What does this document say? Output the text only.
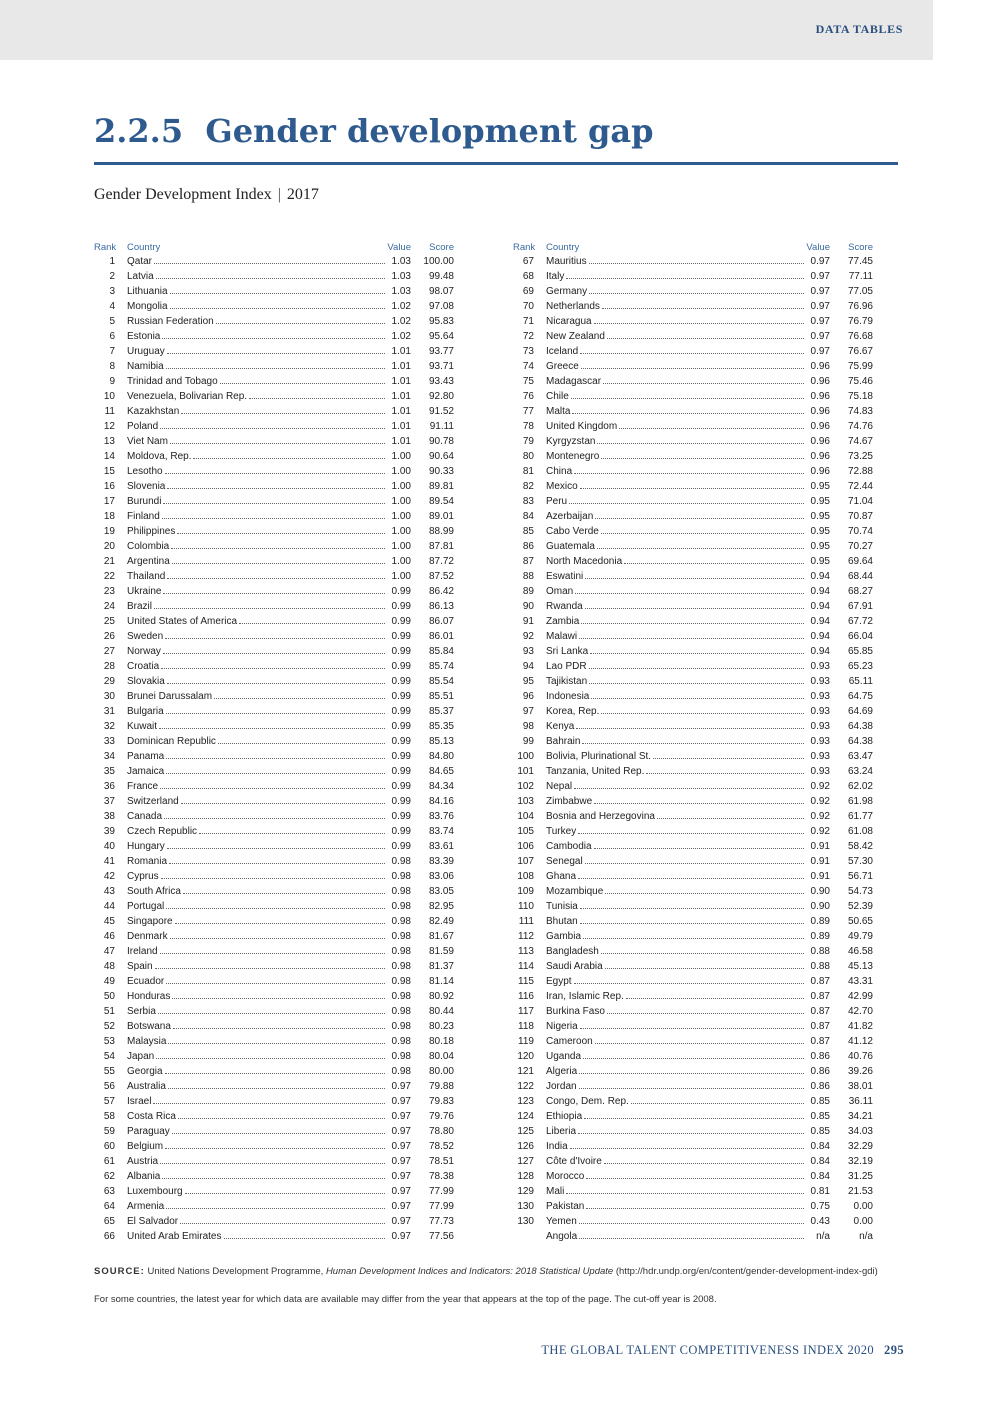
DATA TABLES
2.2.5 Gender development gap
Gender Development Index | 2017
Rank	Country	Value	Score
1 Qatar	1.03	100.00
2 Latvia	1.03	99.48
3 Lithuania	1.03	98.07
4 Mongolia	1.02	97.08
5 Russian Federation	1.02	95.83
6 Estonia	1.02	95.64
7 Uruguay	1.01	93.77
8 Namibia	1.01	93.71
9 Trinidad and Tobago	1.01	93.43
10 Venezuela, Bolivarian Rep.	1.01	92.80
11 Kazakhstan	1.01	91.52
12 Poland	1.01	91.11
13 Viet Nam	1.01	90.78
14 Moldova, Rep.	1.00	90.64
15 Lesotho	1.00	90.33
16 Slovenia	1.00	89.81
17 Burundi	1.00	89.54
18 Finland	1.00	89.01
19 Philippines	1.00	88.99
20 Colombia	1.00	87.81
21 Argentina	1.00	87.72
22 Thailand	1.00	87.52
23 Ukraine	0.99	86.42
24 Brazil	0.99	86.13
25 United States of America	0.99	86.07
26 Sweden	0.99	86.01
27 Norway	0.99	85.84
28 Croatia	0.99	85.74
29 Slovakia	0.99	85.54
30 Brunei Darussalam	0.99	85.51
31 Bulgaria	0.99	85.37
32 Kuwait	0.99	85.35
33 Dominican Republic	0.99	85.13
34 Panama	0.99	84.80
35 Jamaica	0.99	84.65
36 France	0.99	84.34
37 Switzerland	0.99	84.16
38 Canada	0.99	83.76
39 Czech Republic	0.99	83.74
40 Hungary	0.99	83.61
41 Romania	0.98	83.39
42 Cyprus	0.98	83.06
43 South Africa	0.98	83.05
44 Portugal	0.98	82.95
45 Singapore	0.98	82.49
46 Denmark	0.98	81.67
47 Ireland	0.98	81.59
48 Spain	0.98	81.37
49 Ecuador	0.98	81.14
50 Honduras	0.98	80.92
51 Serbia	0.98	80.44
52 Botswana	0.98	80.23
53 Malaysia	0.98	80.18
54 Japan	0.98	80.04
55 Georgia	0.98	80.00
56 Australia	0.97	79.88
57 Israel	0.97	79.83
58 Costa Rica	0.97	79.76
59 Paraguay	0.97	78.80
60 Belgium	0.97	78.52
61 Austria	0.97	78.51
62 Albania	0.97	78.38
63 Luxembourg	0.97	77.99
64 Armenia	0.97	77.99
65 El Salvador	0.97	77.73
66 United Arab Emirates	0.97	77.56
Rank	Country	Value	Score
67 Mauritius	0.97	77.45
68 Italy	0.97	77.11
69 Germany	0.97	77.05
70 Netherlands	0.97	76.96
71 Nicaragua	0.97	76.79
72 New Zealand	0.97	76.68
73 Iceland	0.97	76.67
74 Greece	0.96	75.99
75 Madagascar	0.96	75.46
76 Chile	0.96	75.18
77 Malta	0.96	74.83
78 United Kingdom	0.96	74.76
79 Kyrgyzstan	0.96	74.67
80 Montenegro	0.96	73.25
81 China	0.96	72.88
82 Mexico	0.95	72.44
83 Peru	0.95	71.04
84 Azerbaijan	0.95	70.87
85 Cabo Verde	0.95	70.74
86 Guatemala	0.95	70.27
87 North Macedonia	0.95	69.64
88 Eswatini	0.94	68.44
89 Oman	0.94	68.27
90 Rwanda	0.94	67.91
91 Zambia	0.94	67.72
92 Malawi	0.94	66.04
93 Sri Lanka	0.94	65.85
94 Lao PDR	0.93	65.23
95 Tajikistan	0.93	65.11
96 Indonesia	0.93	64.75
97 Korea, Rep.	0.93	64.69
98 Kenya	0.93	64.38
99 Bahrain	0.93	64.38
100 Bolivia, Plurinational St.	0.93	63.47
101 Tanzania, United Rep.	0.93	63.24
102 Nepal	0.92	62.02
103 Zimbabwe	0.92	61.98
104 Bosnia and Herzegovina	0.92	61.77
105 Turkey	0.92	61.08
106 Cambodia	0.91	58.42
107 Senegal	0.91	57.30
108 Ghana	0.91	56.71
109 Mozambique	0.90	54.73
110 Tunisia	0.90	52.39
111 Bhutan	0.89	50.65
112 Gambia	0.89	49.79
113 Bangladesh	0.88	46.58
114 Saudi Arabia	0.88	45.13
115 Egypt	0.87	43.31
116 Iran, Islamic Rep.	0.87	42.99
117 Burkina Faso	0.87	42.70
118 Nigeria	0.87	41.82
119 Cameroon	0.87	41.12
120 Uganda	0.86	40.76
121 Algeria	0.86	39.26
122 Jordan	0.86	38.01
123 Congo, Dem. Rep.	0.85	36.11
124 Ethiopia	0.85	34.21
125 Liberia	0.85	34.03
126 India	0.84	32.29
127 Côte d'Ivoire	0.84	32.19
128 Morocco	0.84	31.25
129 Mali	0.81	21.53
130 Pakistan	0.75	0.00
130 Yemen	0.43	0.00
Angola	n/a	n/a
SOURCE: United Nations Development Programme, Human Development Indices and Indicators: 2018 Statistical Update (http://hdr.undp.org/en/content/gender-development-index-gdi)
For some countries, the latest year for which data are available may differ from the year that appears at the top of the page. The cut-off year is 2008.
THE GLOBAL TALENT COMPETITIVENESS INDEX 2020 295
